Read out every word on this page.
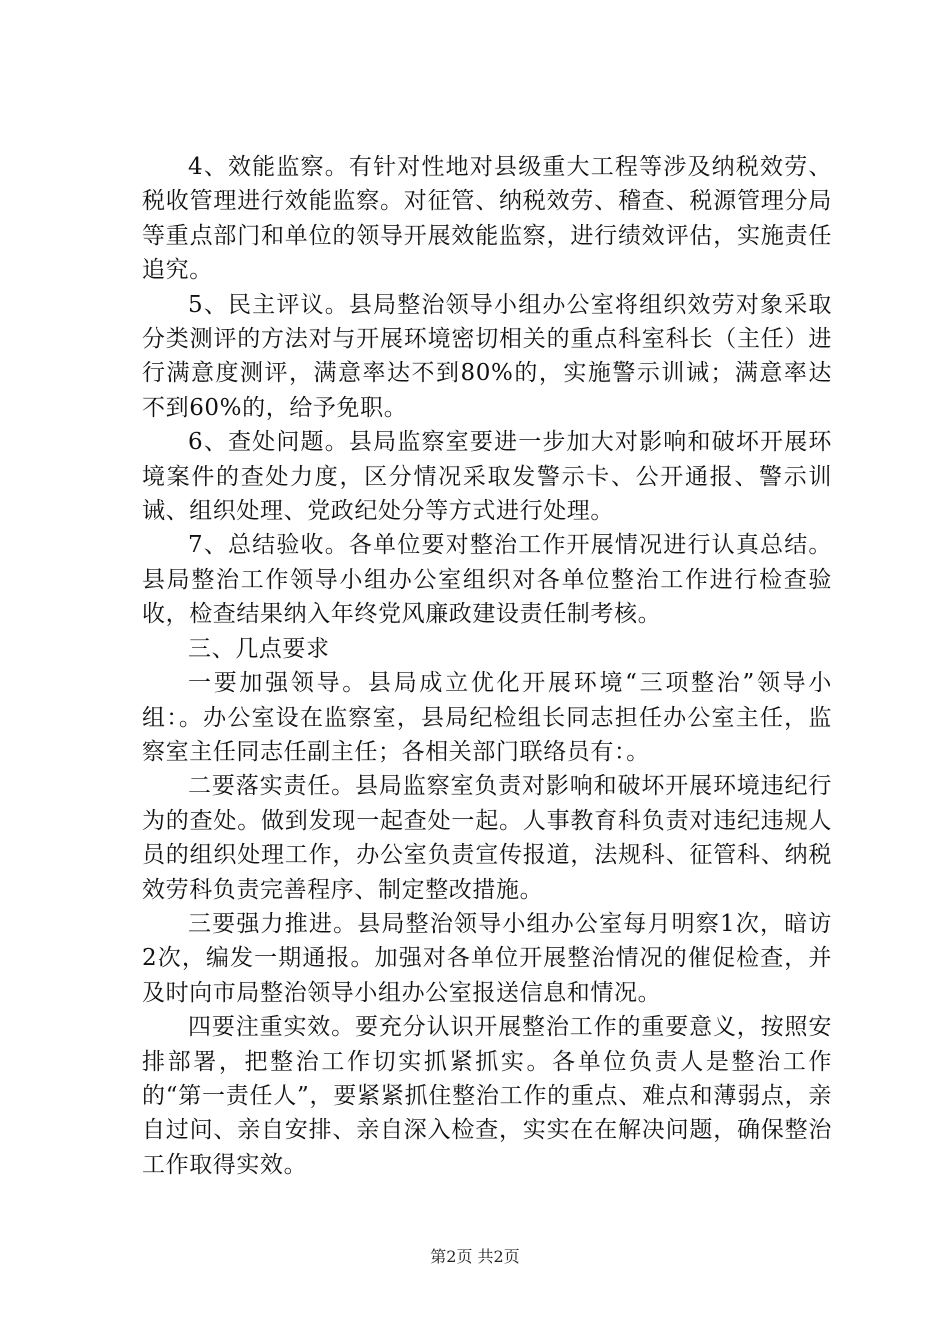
4、效能监察。有针对性地对县级重大工程等涉及纳税效劳、税收管理进行效能监察。对征管、纳税效劳、稽查、税源管理分局等重点部门和单位的领导开展效能监察，进行绩效评估，实施责任追究。

5、民主评议。县局整治领导小组办公室将组织效劳对象采取分类测评的方法对与开展环境密切相关的重点科室科长（主任）进行满意度测评，满意率达不到80%的，实施警示训诫；满意率达不到60%的，给予免职。

6、查处问题。县局监察室要进一步加大对影响和破坏开展环境案件的查处力度，区分情况采取发警示卡、公开通报、警示训诫、组织处理、党政纪处分等方式进行处理。

7、总结验收。各单位要对整治工作开展情况进行认真总结。县局整治工作领导小组办公室组织对各单位整治工作进行检查验收，检查结果纳入年终党风廉政建设责任制考核。

三、几点要求

一要加强领导。县局成立优化开展环境“三项整治”领导小组：。办公室设在监察室，县局纪检组长同志担任办公室主任，监察室主任同志任副主任；各相关部门联络员有：。

二要落实责任。县局监察室负责对影响和破坏开展环境违纪行为的查处。做到发现一起查处一起。人事教育科负责对违纪违规人员的组织处理工作，办公室负责宣传报道，法规科、征管科、纳税效劳科负责完善程序、制定整改措施。

三要强力推进。县局整治领导小组办公室每月明察1次，暗访2次，编发一期通报。加强对各单位开展整治情况的催促检查，并及时向市局整治领导小组办公室报送信息和情况。

四要注重实效。要充分认识开展整治工作的重要意义，按照安排部署，把整治工作切实抓紧抓实。各单位负责人是整治工作的“第一责任人”，要紧紧抓住整治工作的重点、难点和薄弱点，亲自过问、亲自安排、亲自深入检查，实实在在解决问题，确保整治工作取得实效。

第2页 共2页
